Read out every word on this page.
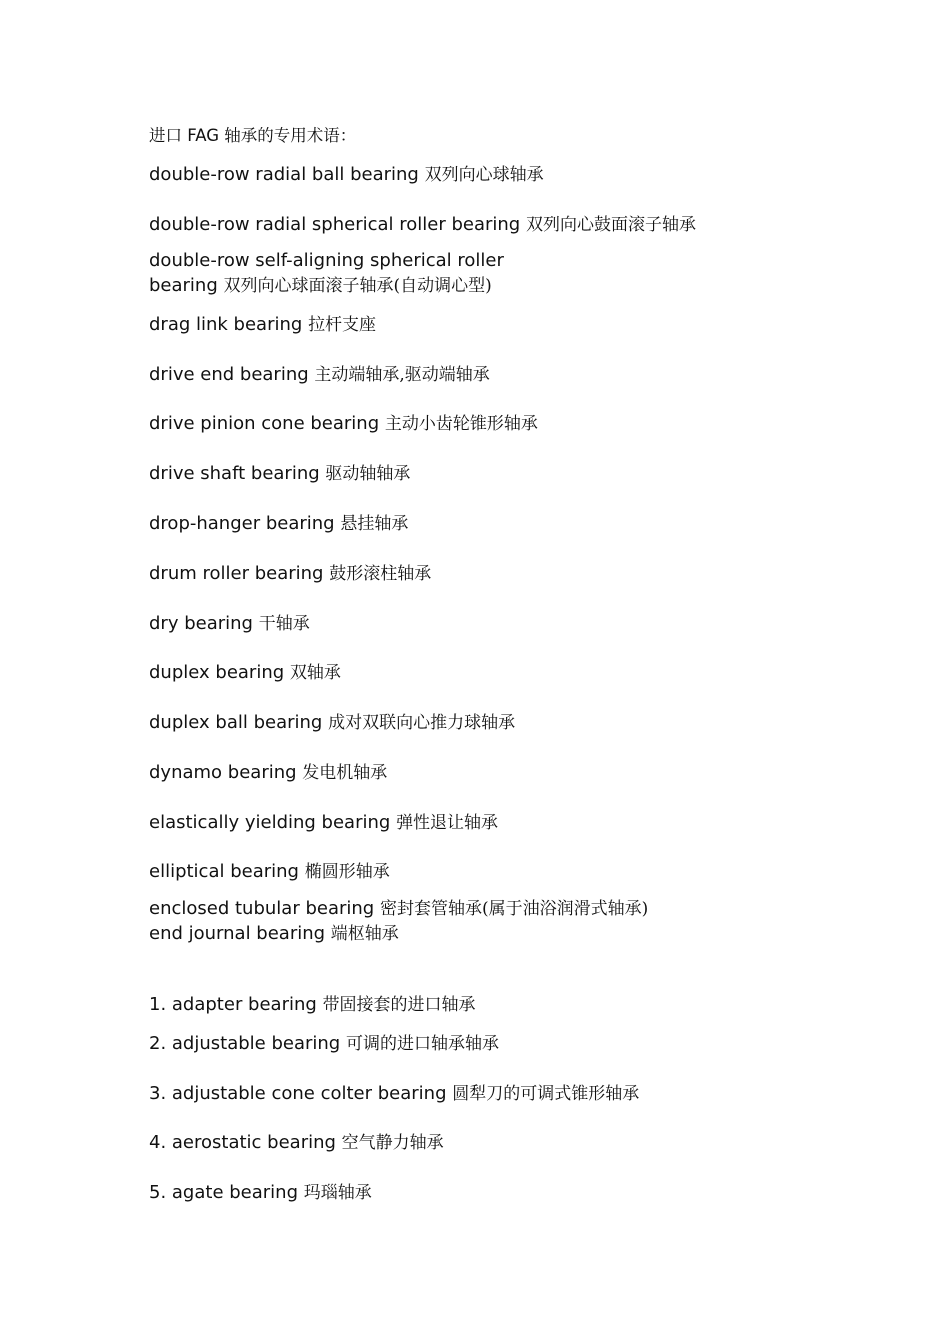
进口 FAG 轴承的专用术语：
double-row radial ball bearing 双列向心球轴承
double-row radial spherical roller bearing 双列向心鼓面滚子轴承
double-row self-aligning spherical roller
bearing 双列向心球面滚子轴承(自动调心型)
drag link bearing 拉杆支座
drive end bearing 主动端轴承,驱动端轴承
drive pinion cone bearing 主动小齿轮锥形轴承
drive shaft bearing 驱动轴轴承
drop-hanger bearing 悬挂轴承
drum roller bearing 鼓形滚柱轴承
dry bearing 干轴承
duplex bearing 双轴承
duplex ball bearing 成对双联向心推力球轴承
dynamo bearing 发电机轴承
elastically yielding bearing 弹性退让轴承
elliptical bearing 椭圆形轴承
enclosed tubular bearing 密封套管轴承(属于油浴润滑式轴承)
end journal bearing 端枢轴承
1. adapter bearing 带固接套的进口轴承
2. adjustable bearing 可调的进口轴承轴承
3. adjustable cone colter bearing 圆犁刀的可调式锥形轴承
4. aerostatic bearing 空气静力轴承
5. agate bearing 玛瑙轴承
